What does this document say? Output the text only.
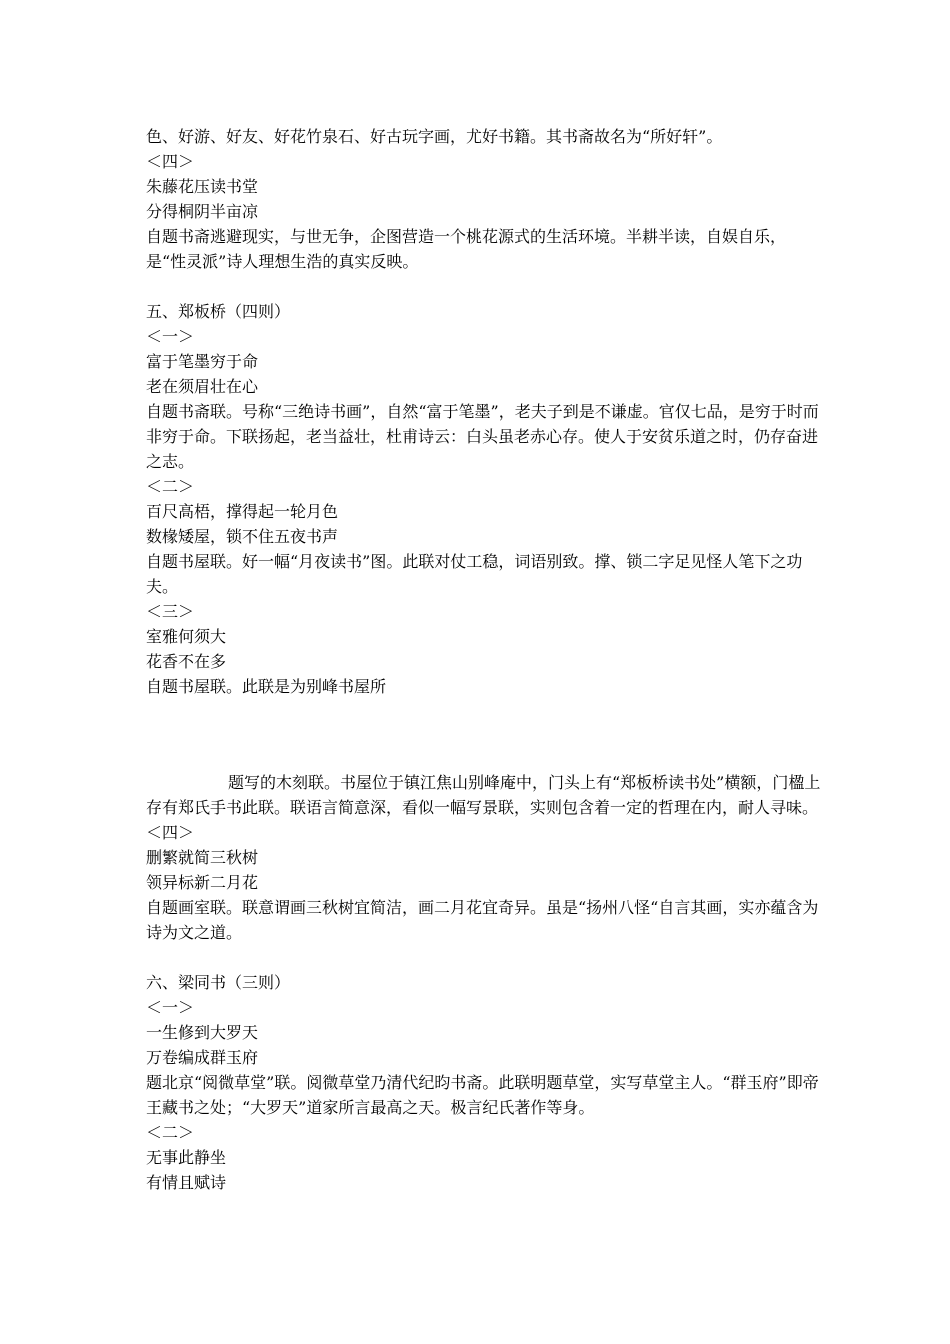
色、好游、好友、好花竹泉石、好古玩字画，尤好书籍。其书斋故名为“所好轩”。

＜四＞

朱藤花压读书堂

分得桐阴半亩凉

自题书斋逃避现实，与世无争，企图营造一个桃花源式的生活环境。半耕半读，自娱自乐，是“性灵派”诗人理想生浩的真实反映。

五、郑板桥（四则）

＜一＞

富于笔墨穷于命

老在须眉壮在心

自题书斋联。号称“三绝诗书画”，自然“富于笔墨”，老夫子到是不谦虚。官仅七品，是穷于时而非穷于命。下联扬起，老当益壮，杜甫诗云：白头虽老赤心存。使人于安贫乐道之时，仍存奋进之志。

＜二＞

百尺高梧，撑得起一轮月色

数椽矮屋，锁不住五夜书声

自题书屋联。好一幅“月夜读书”图。此联对仗工稳，词语别致。撑、锁二字足见怪人笔下之功夫。

＜三＞

室雅何须大

花香不在多

自题书屋联。此联是为别峰书屋所

题写的木刻联。书屋位于镇江焦山别峰庵中，门头上有“郑板桥读书处”横额，门楹上存有郑氏手书此联。联语言简意深，看似一幅写景联，实则包含着一定的哲理在内，耐人寻味。

＜四＞

删繁就简三秋树

领异标新二月花

自题画室联。联意谓画三秋树宜简洁，画二月花宜奇异。虽是“扬州八怪“自言其画，实亦蕴含为诗为文之道。

六、梁同书（三则）

＜一＞

一生修到大罗天

万卷编成群玉府

题北京“阅微草堂”联。阅微草堂乃清代纪昀书斋。此联明题草堂，实写草堂主人。“群玉府”即帝王藏书之处；“大罗天”道家所言最高之天。极言纪氏著作等身。

＜二＞

无事此静坐

有情且赋诗
